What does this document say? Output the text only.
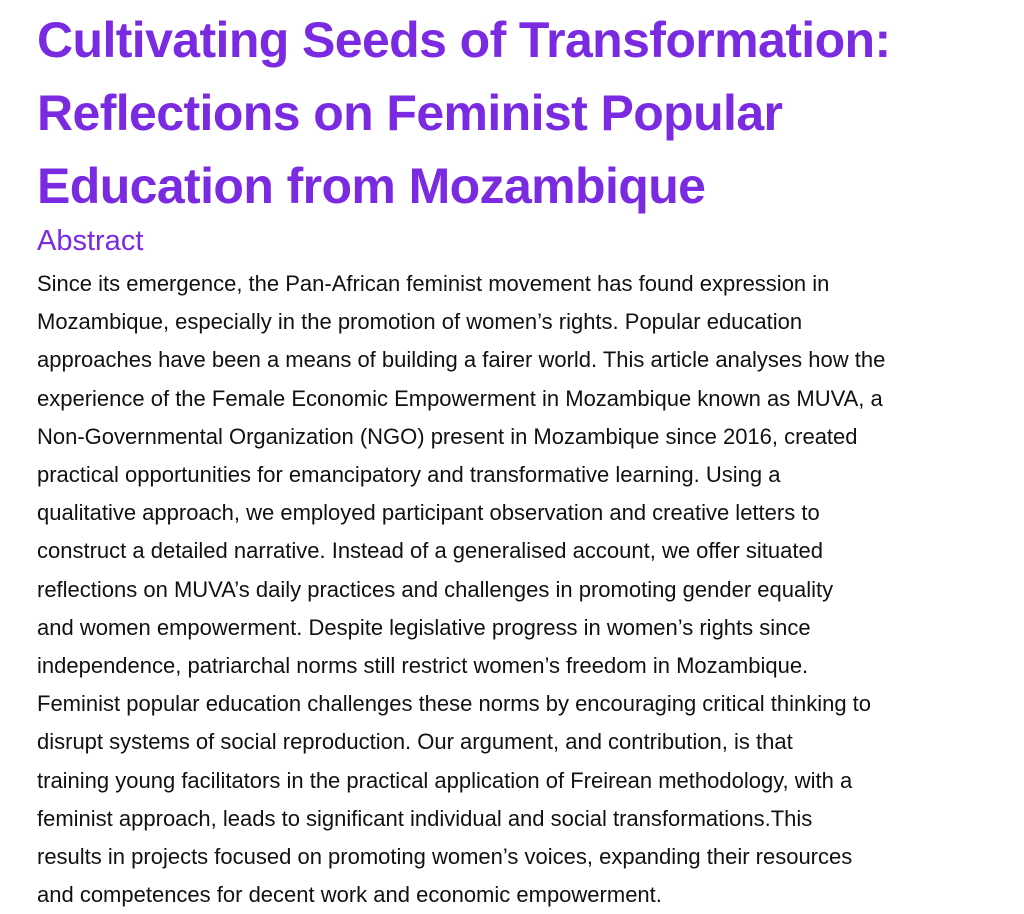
Cultivating Seeds of Transformation:
Reflections on Feminist Popular
Education from Mozambique
Abstract

Since its emergence, the Pan-African feminist movement has found expression in
Mozambique, especially in the promotion of women’s rights. Popular education
approaches have been a means of building a fairer world. This article analyses how the
experience of the Female Economic Empowerment in Mozambique known as MUVA, a
Non-Governmental Organization (NGO) present in Mozambique since 2016, created
practical opportunities for emancipatory and transformative learning. Using a
qualitative approach, we employed participant observation and creative letters to
construct a detailed narrative. Instead of a generalised account, we offer situated
reflections on MUVA’s daily practices and challenges in promoting gender equality
and women empowerment. Despite legislative progress in women’s rights since
independence, patriarchal norms still restrict women’s freedom in Mozambique.
Feminist popular education challenges these norms by encouraging critical thinking to
disrupt systems of social reproduction. Our argument, and contribution, is that
training young facilitators in the practical application of Freirean methodology, with a
feminist approach, leads to significant individual and social transformations.This
results in projects focused on promoting women’s voices, expanding their resources
and competences for decent work and economic empowerment.
